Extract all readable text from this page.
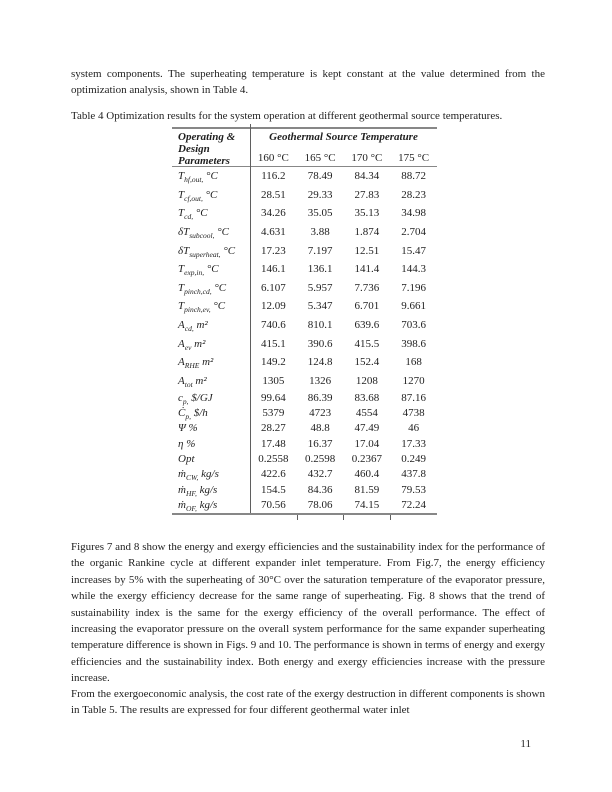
system components. The superheating temperature is kept constant at the value determined from the optimization analysis, shown in Table 4.
Table 4 Optimization results for the system operation at different geothermal source temperatures.
Operating & Design Parameters
Geothermal Source Temperature
160 °C	165 °C	170 °C	175 °C
$T_{hf,out,}$ °C	116.2	78.49	84.34	88.72
$T_{cf,out,}$ °C	28.51	29.33	27.83	28.23
$T_{cd,}$ °C	34.26	35.05	35.13	34.98
$\delta T_{subcool,}$ °C	4.631	3.88	1.874	2.704
$\delta T_{superheat,}$ °C	17.23	7.197	12.51	15.47
$T_{exp,in,}$ °C	146.1	136.1	141.4	144.3
$T_{pinch,cd,}$ °C	6.107	5.957	7.736	7.196
$T_{pinch,ev,}$ °C	12.09	5.347	6.701	9.661
$A_{cd,}$ m²	740.6	810.1	639.6	703.6
$A_{ev}$ m²	415.1	390.6	415.5	398.6
$A_{RHE}$ m²	149.2	124.8	152.4	168
$A_{tot}$ m²	1305	1326	1208	1270
$c_{p,}$ $/GJ	99.64	86.39	83.68	87.16
$Ċ_{p,}$ $/h	5379	4723	4554	4738
Ψ %	28.27	48.8	47.49	46
η %	17.48	16.37	17.04	17.33
Opt	0.2558	0.2598	0.2367	0.249
ṁ$_{CW,}$ kg/s	422.6	432.7	460.4	437.8
ṁ$_{HF,}$ kg/s	154.5	84.36	81.59	79.53
ṁ$_{OF,}$ kg/s	70.56	78.06	74.15	72.24
Figures 7 and 8 show the energy and exergy efficiencies and the sustainability index for the performance of the organic Rankine cycle at different expander inlet temperature. From Fig.7, the energy efficiency increases by 5% with the superheating of 30°C over the saturation temperature of the evaporator pressure, while the exergy efficiency decrease for the same range of superheating. Fig. 8 shows that the trend of sustainability index is the same for the exergy efficiency of the overall performance. The effect of increasing the evaporator pressure on the overall system performance for the same expander superheating temperature difference is shown in Figs. 9 and 10. The performance is shown in terms of energy and exergy efficiencies and the sustainability index. Both energy and exergy efficiencies increase with the pressure increase.
From the exergoeconomic analysis, the cost rate of the exergy destruction in different components is shown in Table 5. The results are expressed for four different geothermal water inlet
11
